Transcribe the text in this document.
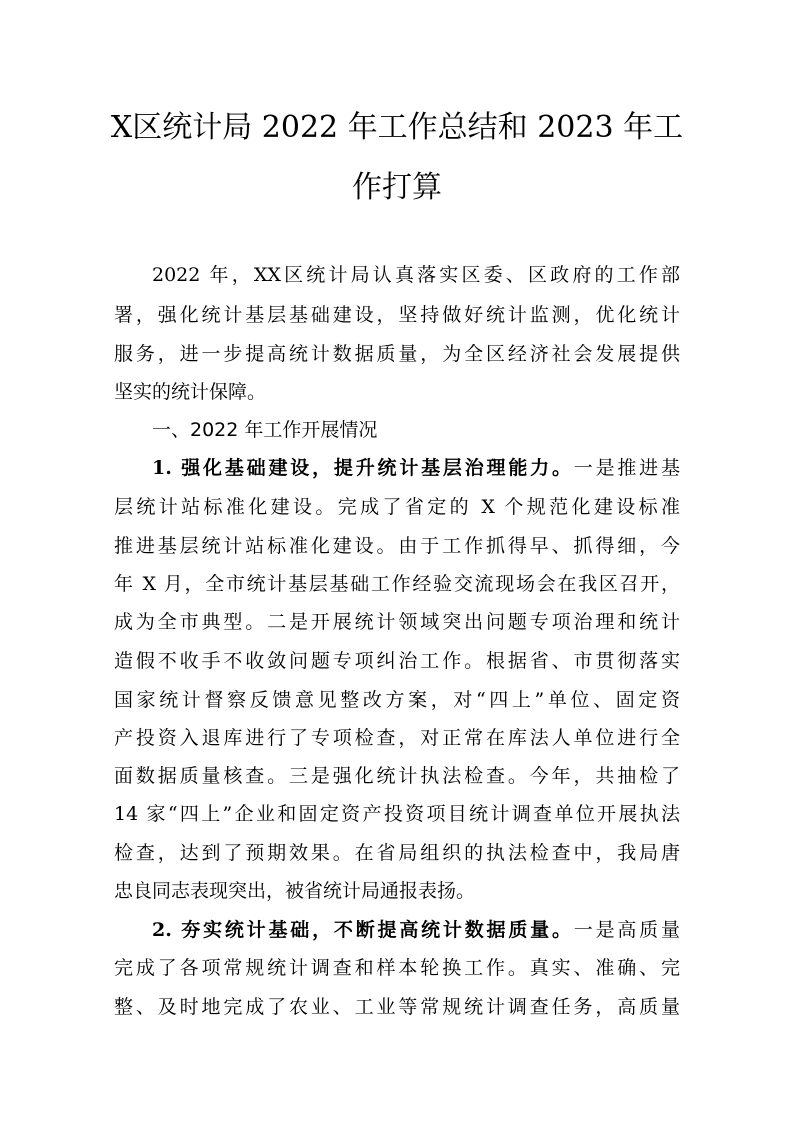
X区统计局 2022 年工作总结和 2023 年工
作打算
2022 年，XX区统计局认真落实区委、区政府的工作部
署，强化统计基层基础建设，坚持做好统计监测，优化统计
服务，进一步提高统计数据质量，为全区经济社会发展提供
坚实的统计保障。
一、2022 年工作开展情况
1. 强化基础建设，提升统计基层治理能力。一是推进基
层统计站标准化建设。完成了省定的 X 个规范化建设标准
推进基层统计站标准化建设。由于工作抓得早、抓得细，今
年 X 月，全市统计基层基础工作经验交流现场会在我区召开，
成为全市典型。二是开展统计领域突出问题专项治理和统计
造假不收手不收敛问题专项纠治工作。根据省、市贯彻落实
国家统计督察反馈意见整改方案，对“四上”单位、固定资
产投资入退库进行了专项检查，对正常在库法人单位进行全
面数据质量核查。三是强化统计执法检查。今年，共抽检了
14 家“四上”企业和固定资产投资项目统计调查单位开展执法
检查，达到了预期效果。在省局组织的执法检查中，我局唐
忠良同志表现突出，被省统计局通报表扬。
2. 夯实统计基础，不断提高统计数据质量。一是高质量
完成了各项常规统计调查和样本轮换工作。真实、准确、完
整、及时地完成了农业、工业等常规统计调查任务，高质量
